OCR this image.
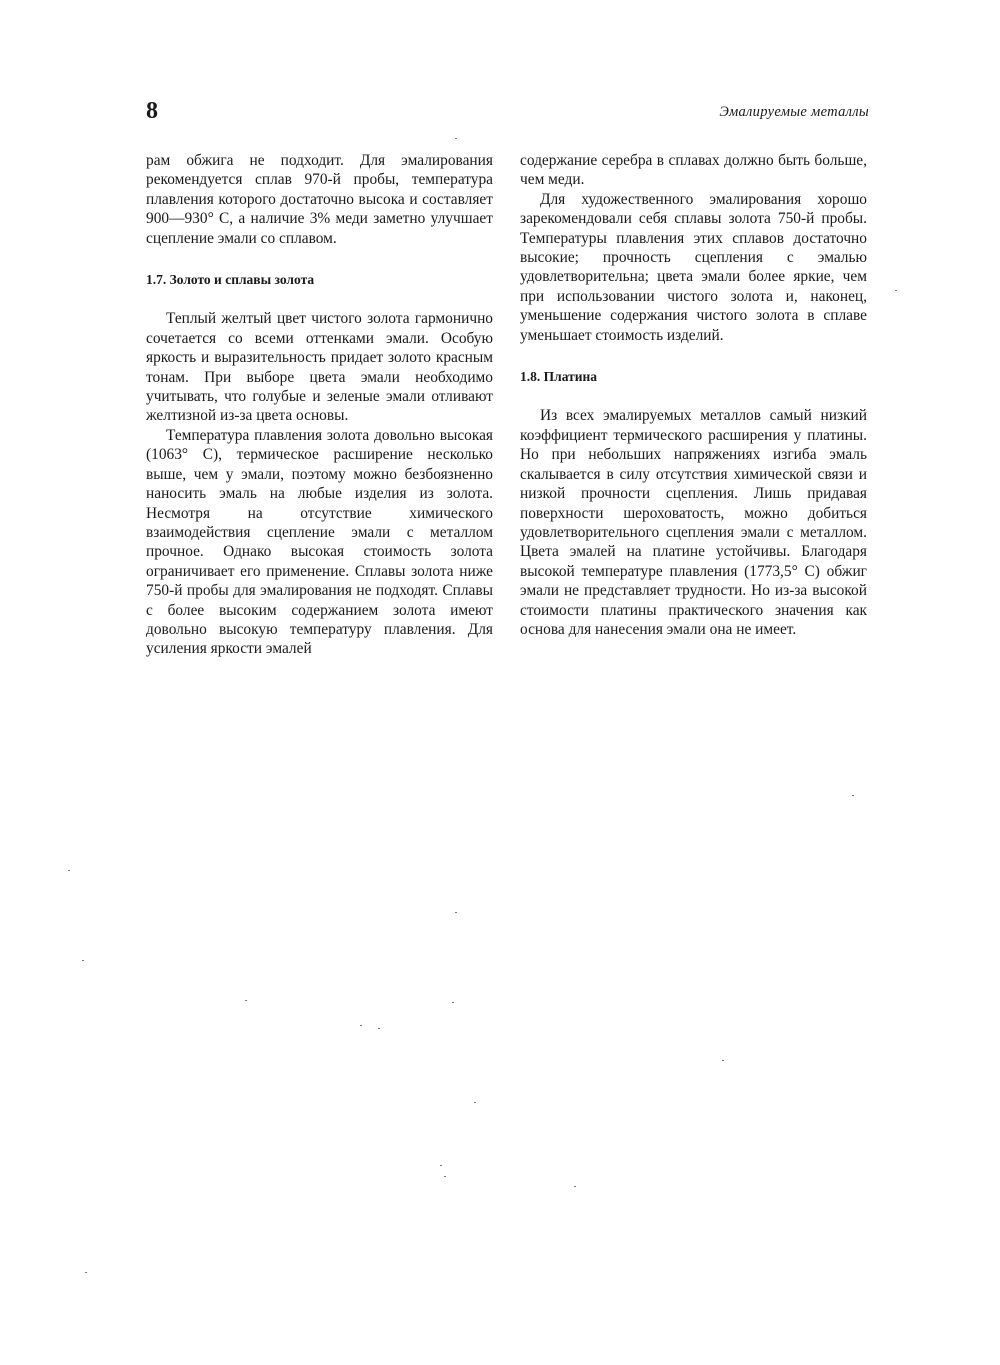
8	Эмалируемые металлы

рам обжига не подходит. Для эмалирования рекомендуется сплав 970-й пробы, температура плавления которого достаточно высока и составляет 900—930° С, а наличие 3% меди заметно улучшает сцепление эмали со сплавом.

1.7. Золото и сплавы золота

Теплый желтый цвет чистого золота гармонично сочетается со всеми оттенками эмали. Особую яркость и выразительность придает золото красным тонам. При выборе цвета эмали необходимо учитывать, что голубые и зеленые эмали отливают желтизной из-за цвета основы.

Температура плавления золота довольно высокая (1063° С), термическое расширение несколько выше, чем у эмали, поэтому можно безбоязненно наносить эмаль на любые изделия из золота. Несмотря на отсутствие химического взаимодействия сцепление эмали с металлом прочное. Однако высокая стоимость золота ограничивает его применение. Сплавы золота ниже 750-й пробы для эмалирования не подходят. Сплавы с более высоким содержанием золота имеют довольно высокую температуру плавления. Для усиления яркости эмалей

содержание серебра в сплавах должно быть больше, чем меди.

Для художественного эмалирования хорошо зарекомендовали себя сплавы золота 750-й пробы. Температуры плавления этих сплавов достаточно высокие; прочность сцепления с эмалью удовлетворительна; цвета эмали более яркие, чем при использовании чистого золота и, наконец, уменьшение содержания чистого золота в сплаве уменьшает стоимость изделий.

1.8. Платина

Из всех эмалируемых металлов самый низкий коэффициент термического расширения у платины. Но при небольших напряжениях изгиба эмаль скалывается в силу отсутствия химической связи и низкой прочности сцепления. Лишь придавая поверхности шероховатость, можно добиться удовлетворительного сцепления эмали с металлом. Цвета эмалей на платине устойчивы. Благодаря высокой температуре плавления (1773,5° С) обжиг эмали не представляет трудности. Но из-за высокой стоимости платины практического значения как основа для нанесения эмали она не имеет.
